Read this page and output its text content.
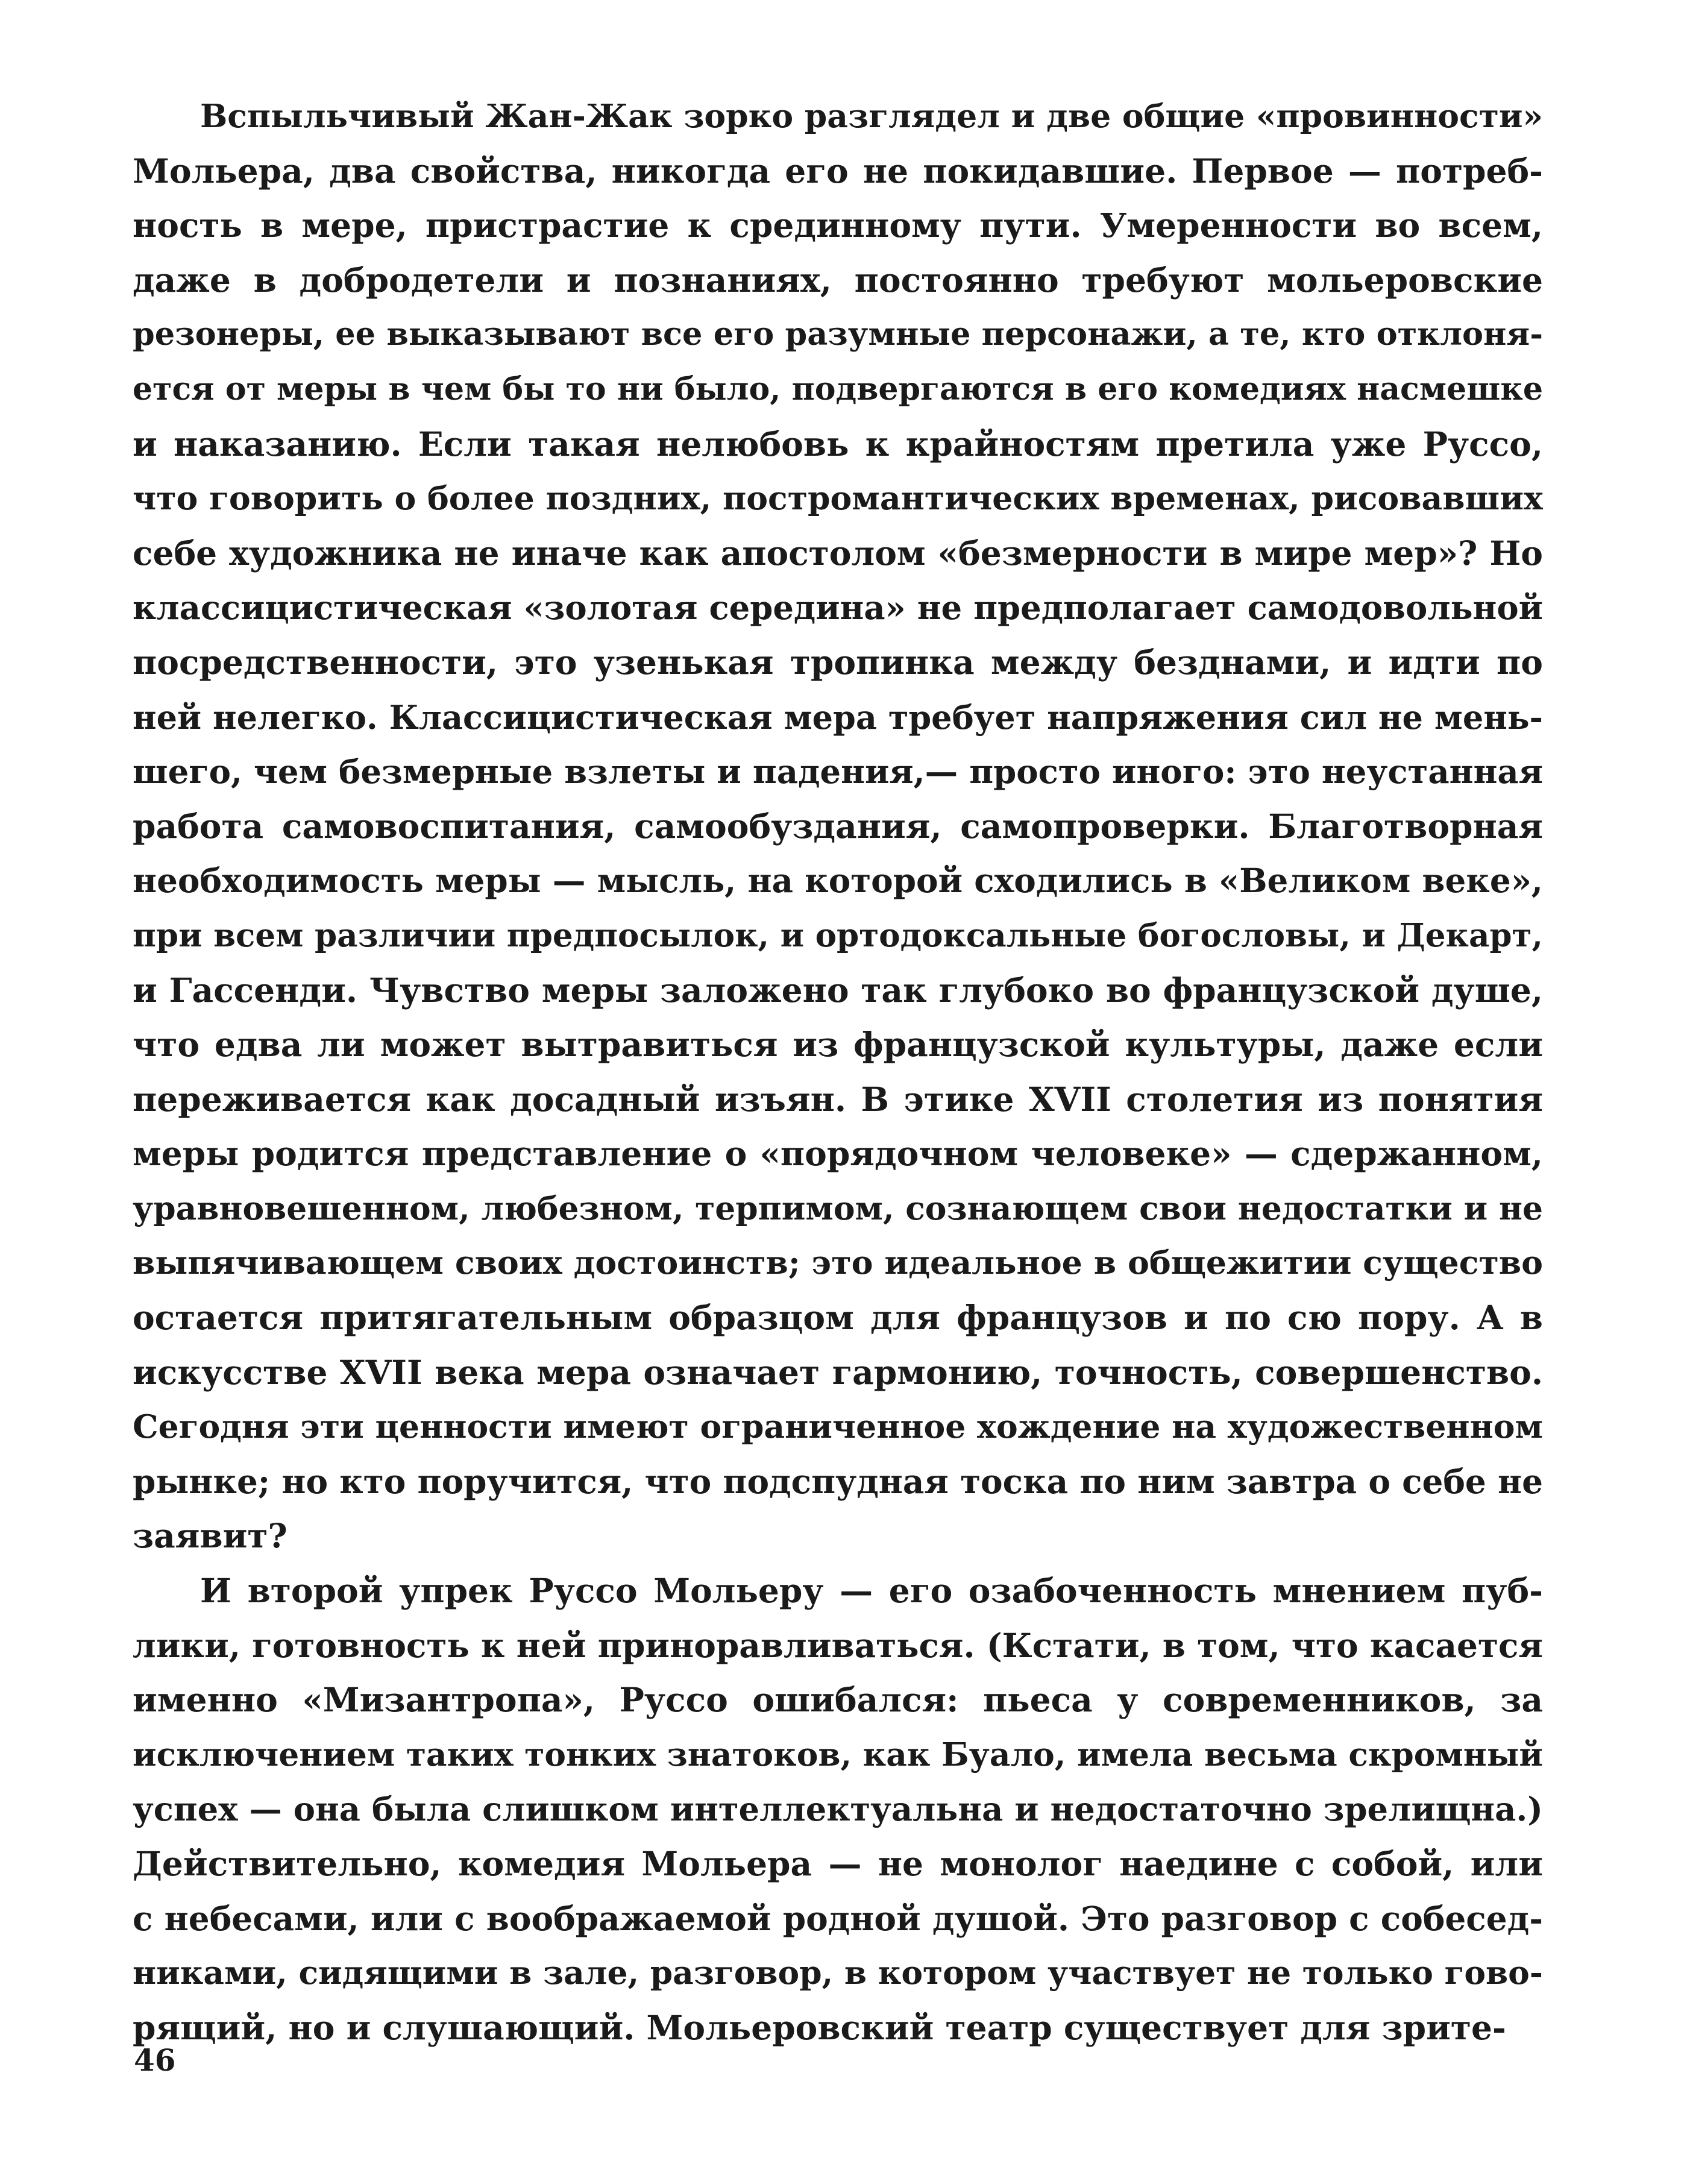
Вспыльчивый Жан-Жак зорко разглядел и две общие «провинности»
Мольера, два свойства, никогда его не покидавшие. Первое — потреб-
ность в мере, пристрастие к срединному пути. Умеренности во всем,
даже в добродетели и познаниях, постоянно требуют мольеровские
резонеры, ее выказывают все его разумные персонажи, а те, кто отклоня-
ется от меры в чем бы то ни было, подвергаются в его комедиях насмешке
и наказанию. Если такая нелюбовь к крайностям претила уже Руссо,
что говорить о более поздних, постромантических временах, рисовавших
себе художника не иначе как апостолом «безмерности в мире мер»? Но
классицистическая «золотая середина» не предполагает самодовольной
посредственности, это узенькая тропинка между безднами, и идти по
ней нелегко. Классицистическая мера требует напряжения сил не мень-
шего, чем безмерные взлеты и падения,— просто иного: это неустанная
работа самовоспитания, самообуздания, самопроверки. Благотворная
необходимость меры — мысль, на которой сходились в «Великом веке»,
при всем различии предпосылок, и ортодоксальные богословы, и Декарт,
и Гассенди. Чувство меры заложено так глубоко во французской душе,
что едва ли может вытравиться из французской культуры, даже если
переживается как досадный изъян. В этике XVII столетия из понятия
меры родится представление о «порядочном человеке» — сдержанном,
уравновешенном, любезном, терпимом, сознающем свои недостатки и не
выпячивающем своих достоинств; это идеальное в общежитии существо
остается притягательным образцом для французов и по сю пору. А в
искусстве XVII века мера означает гармонию, точность, совершенство.
Сегодня эти ценности имеют ограниченное хождение на художественном
рынке; но кто поручится, что подспудная тоска по ним завтра о себе не
заявит?
И второй упрек Руссо Мольеру — его озабоченность мнением пуб-
лики, готовность к ней приноравливаться. (Кстати, в том, что касается
именно «Мизантропа», Руссо ошибался: пьеса у современников, за
исключением таких тонких знатоков, как Буало, имела весьма скромный
успех — она была слишком интеллектуальна и недостаточно зрелищна.)
Действительно, комедия Мольера — не монолог наедине с собой, или
с небесами, или с воображаемой родной душой. Это разговор с собесед-
никами, сидящими в зале, разговор, в котором участвует не только гово-
рящий, но и слушающий. Мольеровский театр существует для зрите-
46
